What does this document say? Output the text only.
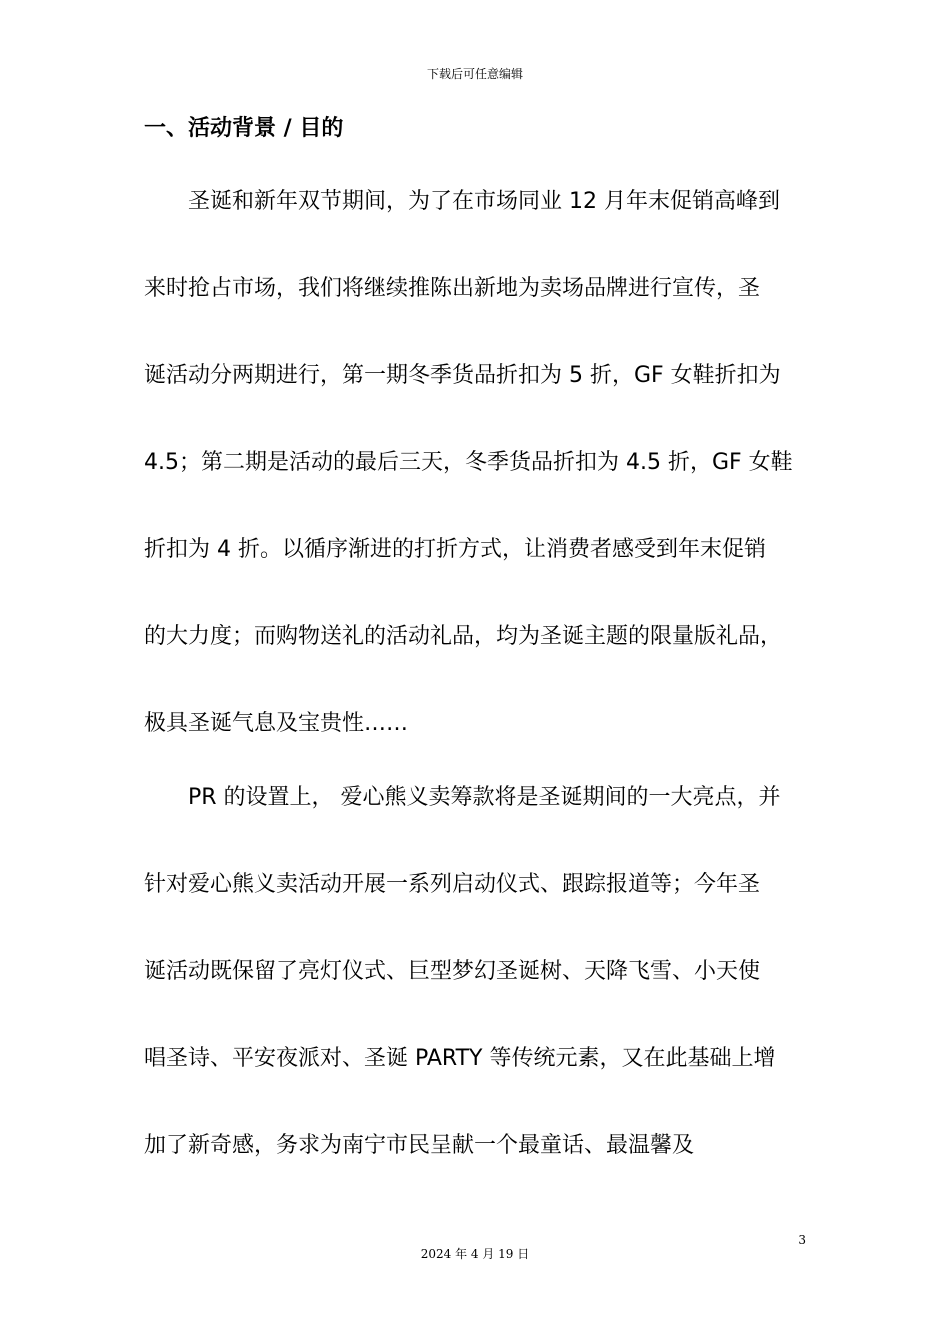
下载后可任意编辑
一、活动背景 / 目的
　　圣诞和新年双节期间，为了在市场同业 12 月年末促销高峰到
来时抢占市场，我们将继续推陈出新地为卖场品牌进行宣传，圣
诞活动分两期进行，第一期冬季货品折扣为 5 折，GF 女鞋折扣为
4.5；第二期是活动的最后三天，冬季货品折扣为 4.5 折，GF 女鞋
折扣为 4 折。以循序渐进的打折方式，让消费者感受到年末促销
的大力度；而购物送礼的活动礼品，均为圣诞主题的限量版礼品，
极具圣诞气息及宝贵性……
　　PR 的设置上， 爱心熊义卖筹款将是圣诞期间的一大亮点，并
针对爱心熊义卖活动开展一系列启动仪式、跟踪报道等；今年圣
诞活动既保留了亮灯仪式、巨型梦幻圣诞树、天降飞雪、小天使
唱圣诗、平安夜派对、圣诞 PARTY 等传统元素，又在此基础上增
加了新奇感，务求为南宁市民呈献一个最童话、最温馨及
3
2024 年 4 月 19 日
